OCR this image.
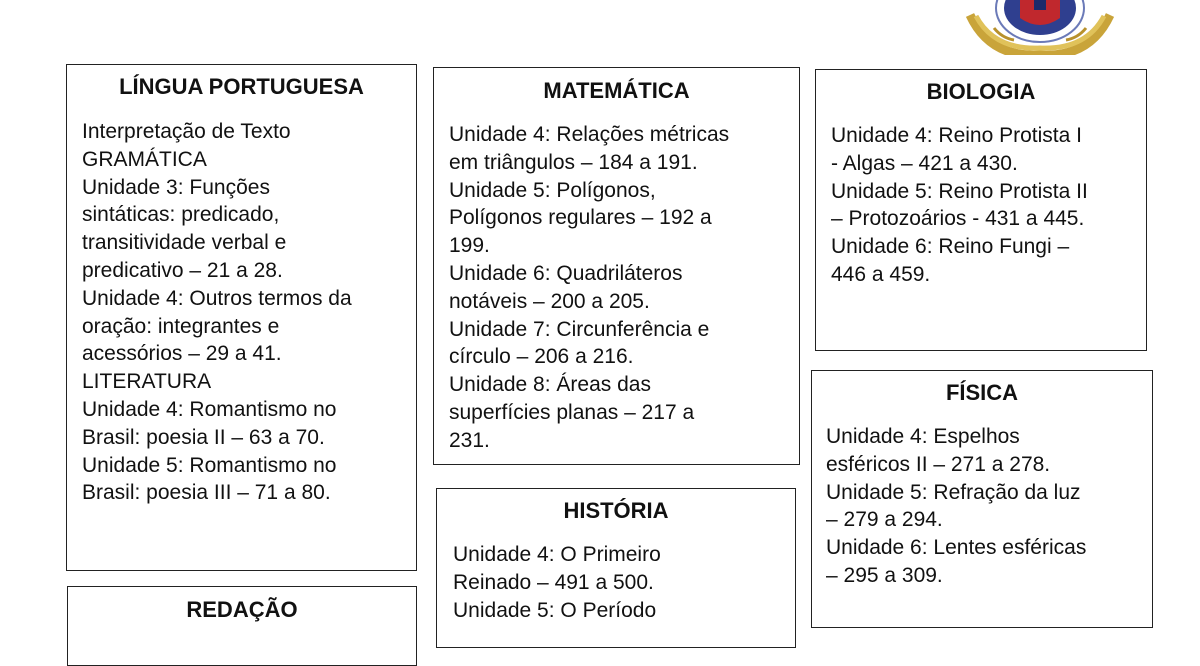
LÍNGUA PORTUGUESA
Interpretação de Texto
GRAMÁTICA
Unidade 3: Funções
sintáticas: predicado,
transitividade verbal e
predicativo – 21 a 28.
Unidade 4: Outros termos da
oração: integrantes e
acessórios – 29 a 41.
LITERATURA
Unidade 4: Romantismo no
Brasil: poesia II – 63 a 70.
Unidade 5: Romantismo no
Brasil: poesia III – 71 a 80.
MATEMÁTICA
Unidade 4: Relações métricas
em triângulos – 184 a 191.
Unidade 5: Polígonos,
Polígonos regulares – 192 a
199.
Unidade 6: Quadriláteros
notáveis – 200 a 205.
Unidade 7: Circunferência e
círculo – 206 a 216.
Unidade 8: Áreas das
superfícies planas – 217 a
231.
BIOLOGIA
Unidade 4: Reino Protista I
- Algas – 421 a 430.
Unidade 5: Reino Protista II
– Protozoários - 431 a 445.
Unidade 6: Reino Fungi –
446 a 459.
FÍSICA
Unidade 4: Espelhos
esféricos II – 271 a 278.
Unidade 5: Refração da luz
– 279 a 294.
Unidade 6: Lentes esféricas
– 295 a 309.
HISTÓRIA
Unidade 4: O Primeiro
Reinado – 491 a 500.
Unidade 5: O Período
REDAÇÃO
